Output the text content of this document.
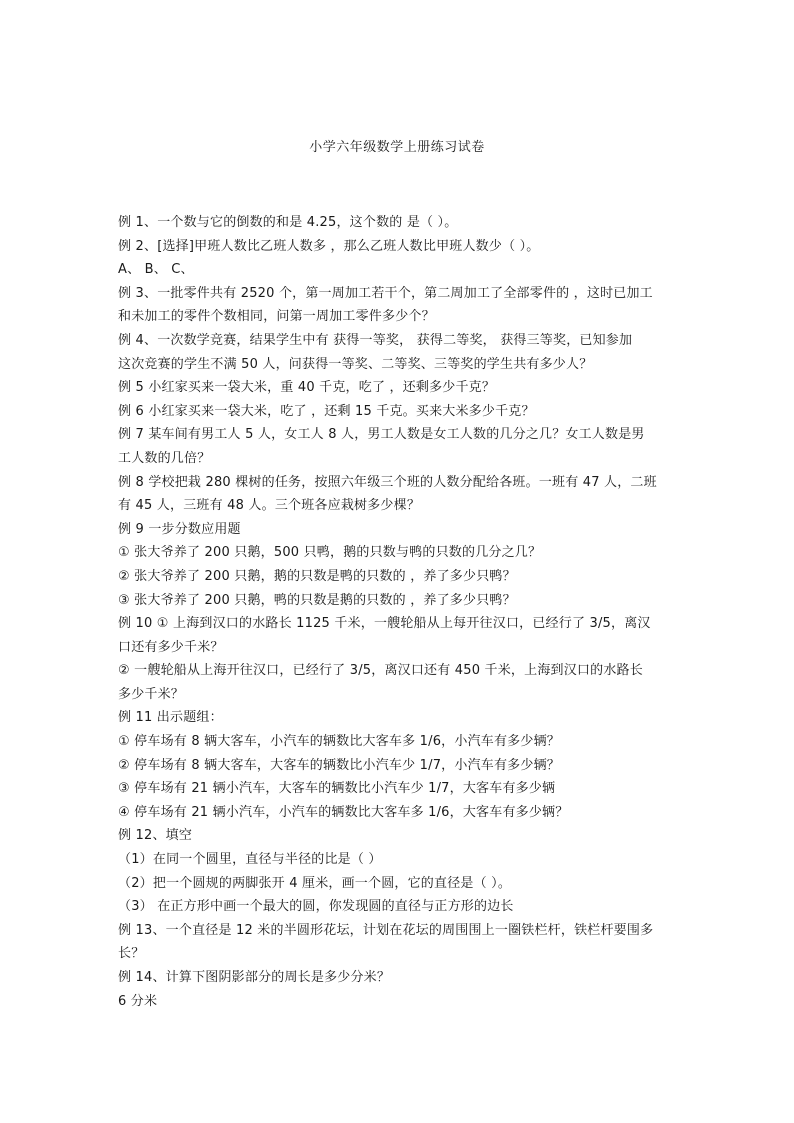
小学六年级数学上册练习试卷
例 1、一个数与它的倒数的和是 4.25，这个数的 是（ ）。
例 2、[选择]甲班人数比乙班人数多 ，那么乙班人数比甲班人数少（ ）。
A、 B、 C、
例 3、一批零件共有 2520 个，第一周加工若干个，第二周加工了全部零件的 ，这时已加工
和未加工的零件个数相同，问第一周加工零件多少个？
例 4、一次数学竞赛，结果学生中有 获得一等奖， 获得二等奖， 获得三等奖，已知参加
这次竞赛的学生不满 50 人，问获得一等奖、二等奖、三等奖的学生共有多少人？
例 5 小红家买来一袋大米，重 40 千克，吃了 ，还剩多少千克？
例 6 小红家买来一袋大米，吃了 ，还剩 15 千克。买来大米多少千克？
例 7 某车间有男工人 5 人，女工人 8 人，男工人数是女工人数的几分之几？女工人数是男
工人数的几倍？
例 8 学校把栽 280 棵树的任务，按照六年级三个班的人数分配给各班。一班有 47 人，二班
有 45 人，三班有 48 人。三个班各应栽树多少棵？
例 9 一步分数应用题
① 张大爷养了 200 只鹅，500 只鸭，鹅的只数与鸭的只数的几分之几？
② 张大爷养了 200 只鹅，鹅的只数是鸭的只数的 ，养了多少只鸭？
③ 张大爷养了 200 只鹅，鸭的只数是鹅的只数的 ，养了多少只鸭？
例 10 ① 上海到汉口的水路长 1125 千米，一艘轮船从上每开往汉口，已经行了 3/5，离汉
口还有多少千米？
② 一艘轮船从上海开往汉口，已经行了 3/5，离汉口还有 450 千米，上海到汉口的水路长
多少千米？
例 11 出示题组：
① 停车场有 8 辆大客车，小汽车的辆数比大客车多 1/6，小汽车有多少辆？
② 停车场有 8 辆大客车，大客车的辆数比小汽车少 1/7，小汽车有多少辆？
③ 停车场有 21 辆小汽车，大客车的辆数比小汽车少 1/7，大客车有多少辆
④ 停车场有 21 辆小汽车，小汽车的辆数比大客车多 1/6，大客车有多少辆？
例 12、填空
（1）在同一个圆里，直径与半径的比是（ ）
（2）把一个圆规的两脚张开 4 厘米，画一个圆，它的直径是（ ）。
（3） 在正方形中画一个最大的圆，你发现圆的直径与正方形的边长
例 13、一个直径是 12 米的半圆形花坛，计划在花坛的周围围上一圈铁栏杆，铁栏杆要围多
长？
例 14、计算下图阴影部分的周长是多少分米？
6 分米
